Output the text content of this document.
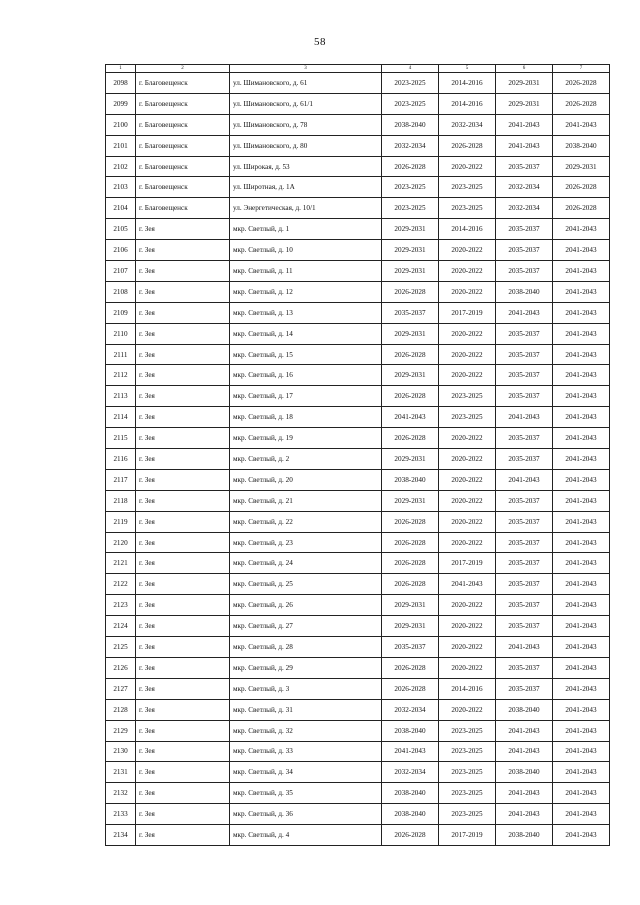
58
1	2	3	4	5	6	7
2098	г. Благовещенск	ул. Шимановского, д. 61	2023-2025	2014-2016	2029-2031	2026-2028
2099	г. Благовещенск	ул. Шимановского, д. 61/1	2023-2025	2014-2016	2029-2031	2026-2028
2100	г. Благовещенск	ул. Шимановского, д. 78	2038-2040	2032-2034	2041-2043	2041-2043
2101	г. Благовещенск	ул. Шимановского, д. 80	2032-2034	2026-2028	2041-2043	2038-2040
2102	г. Благовещенск	ул. Широкая, д. 53	2026-2028	2020-2022	2035-2037	2029-2031
2103	г. Благовещенск	ул. Широтная, д. 1А	2023-2025	2023-2025	2032-2034	2026-2028
2104	г. Благовещенск	ул. Энергетическая, д. 10/1	2023-2025	2023-2025	2032-2034	2026-2028
2105	г. Зея	мкр. Светлый, д. 1	2029-2031	2014-2016	2035-2037	2041-2043
2106	г. Зея	мкр. Светлый, д. 10	2029-2031	2020-2022	2035-2037	2041-2043
2107	г. Зея	мкр. Светлый, д. 11	2029-2031	2020-2022	2035-2037	2041-2043
2108	г. Зея	мкр. Светлый, д. 12	2026-2028	2020-2022	2038-2040	2041-2043
2109	г. Зея	мкр. Светлый, д. 13	2035-2037	2017-2019	2041-2043	2041-2043
2110	г. Зея	мкр. Светлый, д. 14	2029-2031	2020-2022	2035-2037	2041-2043
2111	г. Зея	мкр. Светлый, д. 15	2026-2028	2020-2022	2035-2037	2041-2043
2112	г. Зея	мкр. Светлый, д. 16	2029-2031	2020-2022	2035-2037	2041-2043
2113	г. Зея	мкр. Светлый, д. 17	2026-2028	2023-2025	2035-2037	2041-2043
2114	г. Зея	мкр. Светлый, д. 18	2041-2043	2023-2025	2041-2043	2041-2043
2115	г. Зея	мкр. Светлый, д. 19	2026-2028	2020-2022	2035-2037	2041-2043
2116	г. Зея	мкр. Светлый, д. 2	2029-2031	2020-2022	2035-2037	2041-2043
2117	г. Зея	мкр. Светлый, д. 20	2038-2040	2020-2022	2041-2043	2041-2043
2118	г. Зея	мкр. Светлый, д. 21	2029-2031	2020-2022	2035-2037	2041-2043
2119	г. Зея	мкр. Светлый, д. 22	2026-2028	2020-2022	2035-2037	2041-2043
2120	г. Зея	мкр. Светлый, д. 23	2026-2028	2020-2022	2035-2037	2041-2043
2121	г. Зея	мкр. Светлый, д. 24	2026-2028	2017-2019	2035-2037	2041-2043
2122	г. Зея	мкр. Светлый, д. 25	2026-2028	2041-2043	2035-2037	2041-2043
2123	г. Зея	мкр. Светлый, д. 26	2029-2031	2020-2022	2035-2037	2041-2043
2124	г. Зея	мкр. Светлый, д. 27	2029-2031	2020-2022	2035-2037	2041-2043
2125	г. Зея	мкр. Светлый, д. 28	2035-2037	2020-2022	2041-2043	2041-2043
2126	г. Зея	мкр. Светлый, д. 29	2026-2028	2020-2022	2035-2037	2041-2043
2127	г. Зея	мкр. Светлый, д. 3	2026-2028	2014-2016	2035-2037	2041-2043
2128	г. Зея	мкр. Светлый, д. 31	2032-2034	2020-2022	2038-2040	2041-2043
2129	г. Зея	мкр. Светлый, д. 32	2038-2040	2023-2025	2041-2043	2041-2043
2130	г. Зея	мкр. Светлый, д. 33	2041-2043	2023-2025	2041-2043	2041-2043
2131	г. Зея	мкр. Светлый, д. 34	2032-2034	2023-2025	2038-2040	2041-2043
2132	г. Зея	мкр. Светлый, д. 35	2038-2040	2023-2025	2041-2043	2041-2043
2133	г. Зея	мкр. Светлый, д. 36	2038-2040	2023-2025	2041-2043	2041-2043
2134	г. Зея	мкр. Светлый, д. 4	2026-2028	2017-2019	2038-2040	2041-2043
